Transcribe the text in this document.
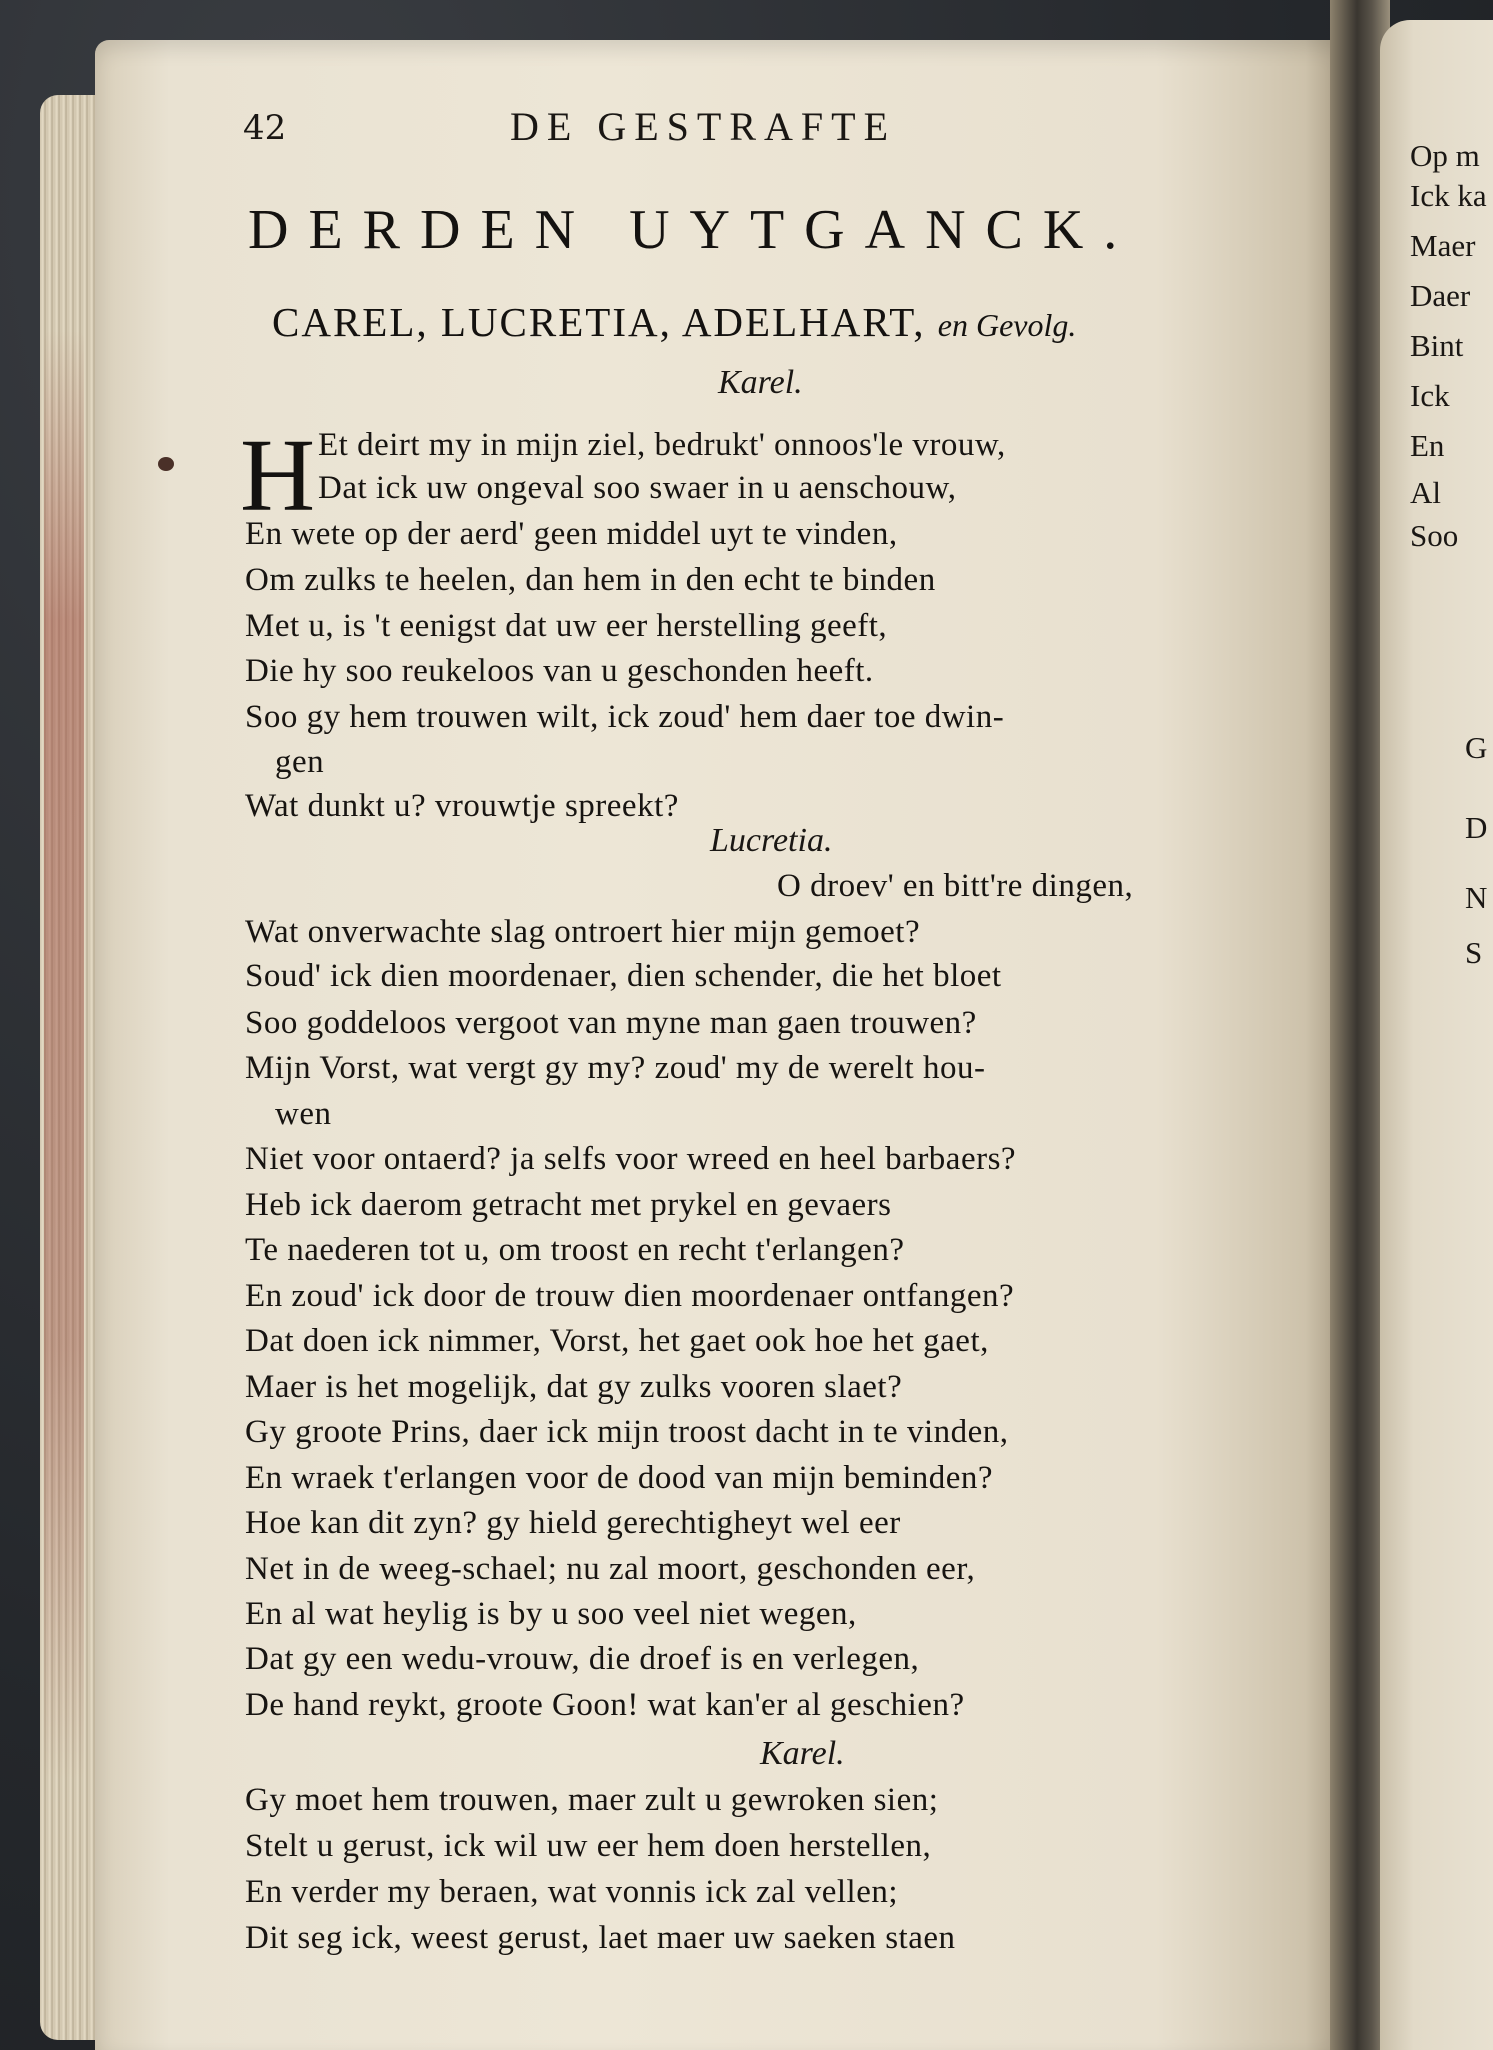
Op m
Ick ka
Maer
Daer
Bint
Ick
En
Al
Soo
G
D
N
S
42	DE GESTRAFTE
DERDEN UYTGANCK.
CAREL, LUCRETIA, ADELHART, en Gevolg.
Karel.
H Et deirt my in mijn ziel, bedrukt' onnoos'le vrouw,
Dat ick uw ongeval soo swaer in u aenschouw,
En wete op der aerd' geen middel uyt te vinden,
Om zulks te heelen, dan hem in den echt te binden
Met u, is 't eenigst dat uw eer herstelling geeft,
Die hy soo reukeloos van u geschonden heeft.
Soo gy hem trouwen wilt, ick zoud' hem daer toe dwin-
gen
Wat dunkt u? vrouwtje spreekt?
Lucretia.
O droev' en bitt're dingen,
Wat onverwachte slag ontroert hier mijn gemoet?
Soud' ick dien moordenaer, dien schender, die het bloet
Soo goddeloos vergoot van myne man gaen trouwen?
Mijn Vorst, wat vergt gy my? zoud' my de werelt hou-
wen
Niet voor ontaerd? ja selfs voor wreed en heel barbaers?
Heb ick daerom getracht met prykel en gevaers
Te naederen tot u, om troost en recht t'erlangen?
En zoud' ick door de trouw dien moordenaer ontfangen?
Dat doen ick nimmer, Vorst, het gaet ook hoe het gaet,
Maer is het mogelijk, dat gy zulks vooren slaet?
Gy groote Prins, daer ick mijn troost dacht in te vinden,
En wraek t'erlangen voor de dood van mijn beminden?
Hoe kan dit zyn? gy hield gerechtigheyt wel eer
Net in de weeg-schael; nu zal moort, geschonden eer,
En al wat heylig is by u soo veel niet wegen,
Dat gy een wedu-vrouw, die droef is en verlegen,
De hand reykt, groote Goon! wat kan'er al geschien?
Karel.
Gy moet hem trouwen, maer zult u gewroken sien;
Stelt u gerust, ick wil uw eer hem doen herstellen,
En verder my beraen, wat vonnis ick zal vellen;
Dit seg ick, weest gerust, laet maer uw saeken staen
